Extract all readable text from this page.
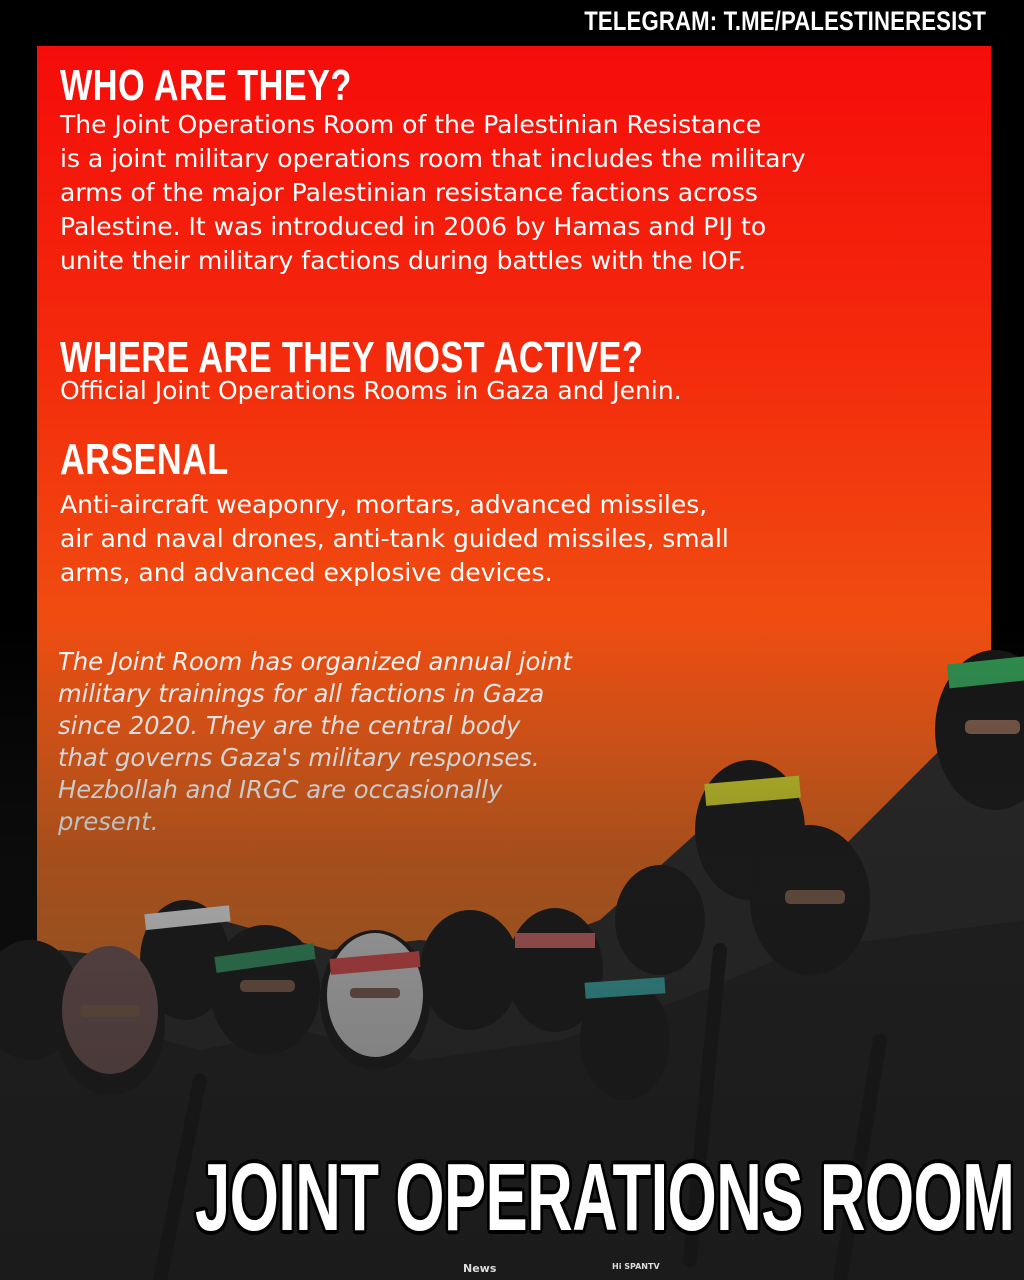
TELEGRAM: T.ME/PALESTINERESIST
WHO ARE THEY?
The Joint Operations Room of the Palestinian Resistance
is a joint military operations room that includes the military
arms of the major Palestinian resistance factions across
Palestine. It was introduced in 2006 by Hamas and PIJ to
unite their military factions during battles with the IOF.
WHERE ARE THEY MOST ACTIVE?
Official Joint Operations Rooms in Gaza and Jenin.
ARSENAL
Anti-aircraft weaponry, mortars, advanced missiles,
air and naval drones, anti-tank guided missiles, small
arms, and advanced explosive devices.
News	Hi SPANTV
JOINT OPERATIONS ROOM
